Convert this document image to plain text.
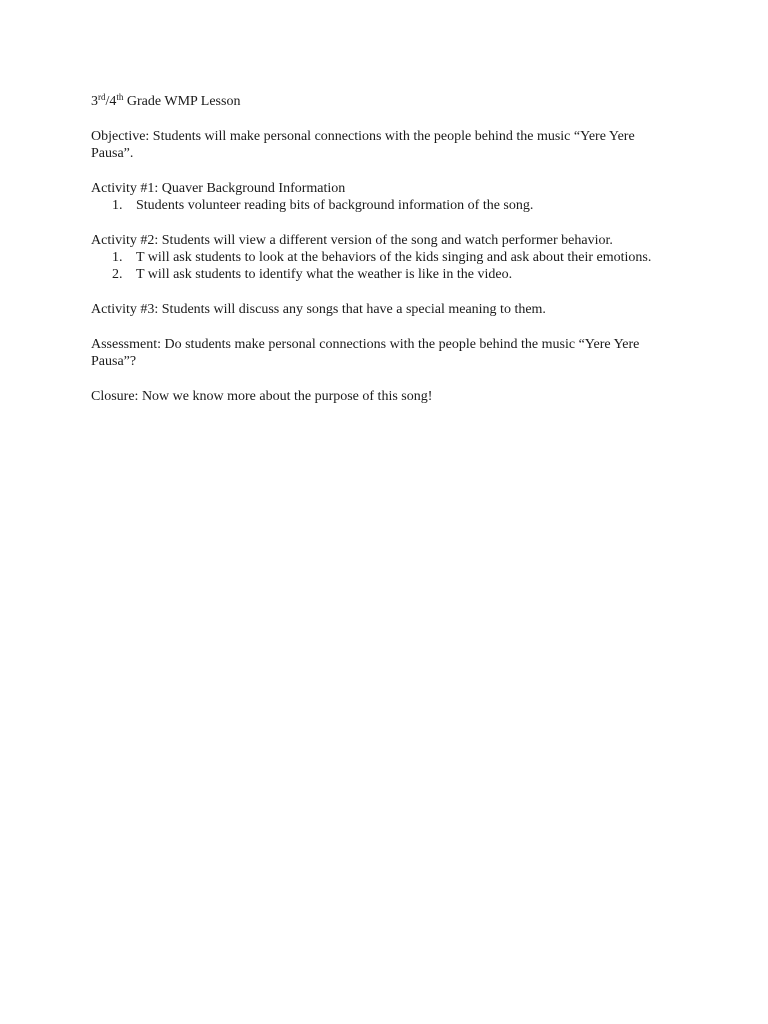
3rd/4th Grade WMP Lesson
Objective: Students will make personal connections with the people behind the music “Yere Yere Pausa”.
Activity #1: Quaver Background Information
1. Students volunteer reading bits of background information of the song.
Activity #2: Students will view a different version of the song and watch performer behavior.
1. T will ask students to look at the behaviors of the kids singing and ask about their emotions.
2. T will ask students to identify what the weather is like in the video.
Activity #3: Students will discuss any songs that have a special meaning to them.
Assessment: Do students make personal connections with the people behind the music “Yere Yere Pausa”?
Closure: Now we know more about the purpose of this song!
